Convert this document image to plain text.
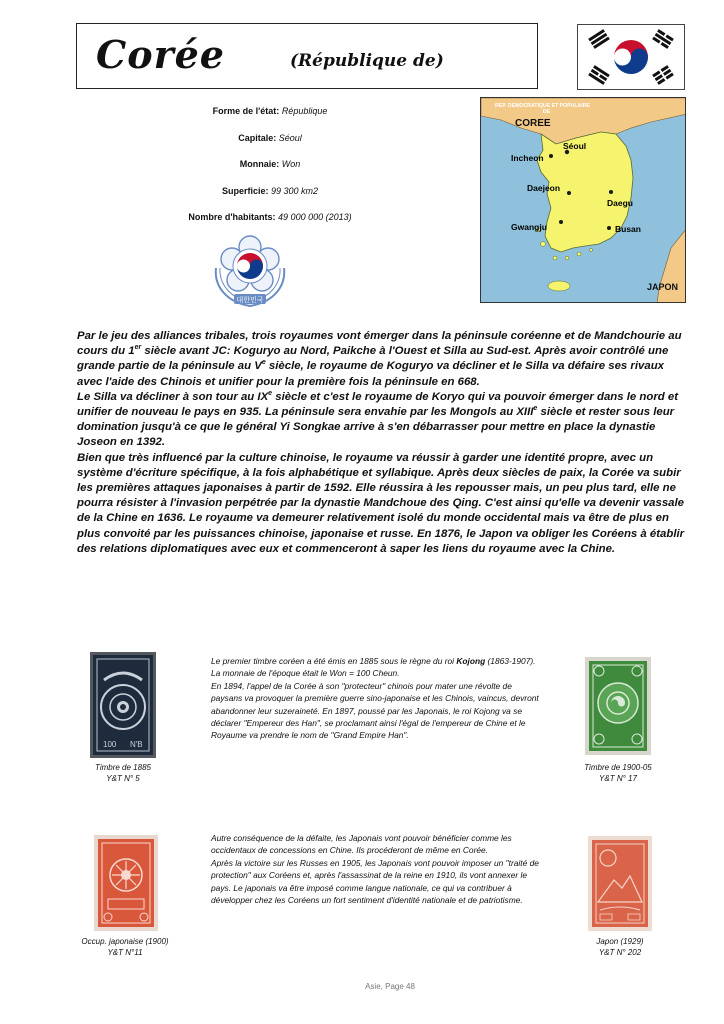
Corée	(République de)
Forme de l'état: République
Capitale: Séoul
Monnaie: Won
Superficie: 99 300 km2
Nombre d'habitants: 49 000 000 (2013)
대한민국
REP. DEMOCRATIQUE ET POPULAIRE
DE
COREE
Séoul
Incheon
Daejeon
Daegu
Gwangju	Busan
JAPON

Par le jeu des alliances tribales, trois royaumes vont émerger dans la péninsule coréenne et de Mandchourie au cours du 1er siècle avant JC: Koguryo au Nord, Paikche à l'Ouest et Silla au Sud-est. Après avoir contrôlé une grande partie de la péninsule au Ve siècle, le royaume de Koguryo va décliner et le Silla va défaire ses rivaux avec l'aide des Chinois et unifier pour la première fois la péninsule en 668.

Le Silla va décliner à son tour au IXe siècle et c'est le royaume de Koryo qui va pouvoir émerger dans le nord et unifier de nouveau le pays en 935. La péninsule sera envahie par les Mongols au XIIIe siècle et rester sous leur domination jusqu'à ce que le général Yi Songkae arrive à s'en débarrasser pour mettre en place la dynastie Joseon en 1392.

Bien que très influencé par la culture chinoise, le royaume va réussir à garder une identité propre, avec un système d'écriture spécifique, à la fois alphabétique et syllabique. Après deux siècles de paix, la Corée va subir les premières attaques japonaises à partir de 1592. Elle réussira à les repousser mais, un peu plus tard, elle ne pourra résister à l'invasion perpétrée par la dynastie Mandchoue des Qing. C'est ainsi qu'elle va devenir vassale de la Chine en 1636. Le royaume va demeurer relativement isolé du monde occidental mais va être de plus en plus convoité par les puissances chinoise, japonaise et russe. En 1876, le Japon va obliger les Coréens à établir des relations diplomatiques avec eux et commenceront à saper les liens du royaume avec la Chine.

100 N'B
Timbre de 1885
Y&T N° 5

Le premier timbre coréen a été émis en 1885 sous le règne du roi Kojong (1863-1907). La monnaie de l'époque était le Won = 100 Cheun.

En 1894, l'appel de la Corée à son "protecteur" chinois pour mater une révolte de paysans va provoquer la première guerre sino-japonaise et les Chinois, vaincus, devront abandonner leur suzeraineté. En 1897, poussé par les Japonais, le roi Kojong va se déclarer "Empereur des Han", se proclamant ainsi l'égal de l'empereur de Chine et le Royaume va prendre le nom de "Grand Empire Han".

Timbre de 1900-05
Y&T N° 17
Occup. japonaise (1900)
Y&T N°11

Autre conséquence de la défaite, les Japonais vont pouvoir bénéficier comme les occidentaux de concessions en Chine. Ils procéderont de même en Corée.

Après la victoire sur les Russes en 1905, les Japonais vont pouvoir imposer un "traité de protection" aux Coréens et, après l'assassinat de la reine en 1910, ils vont annexer le pays. Le japonais va être imposé comme langue nationale, ce qui va contribuer à développer chez les Coréens un fort sentiment d'identité nationale et de patriotisme.

Japon (1929)
Y&T N° 202
Asie, Page 48
